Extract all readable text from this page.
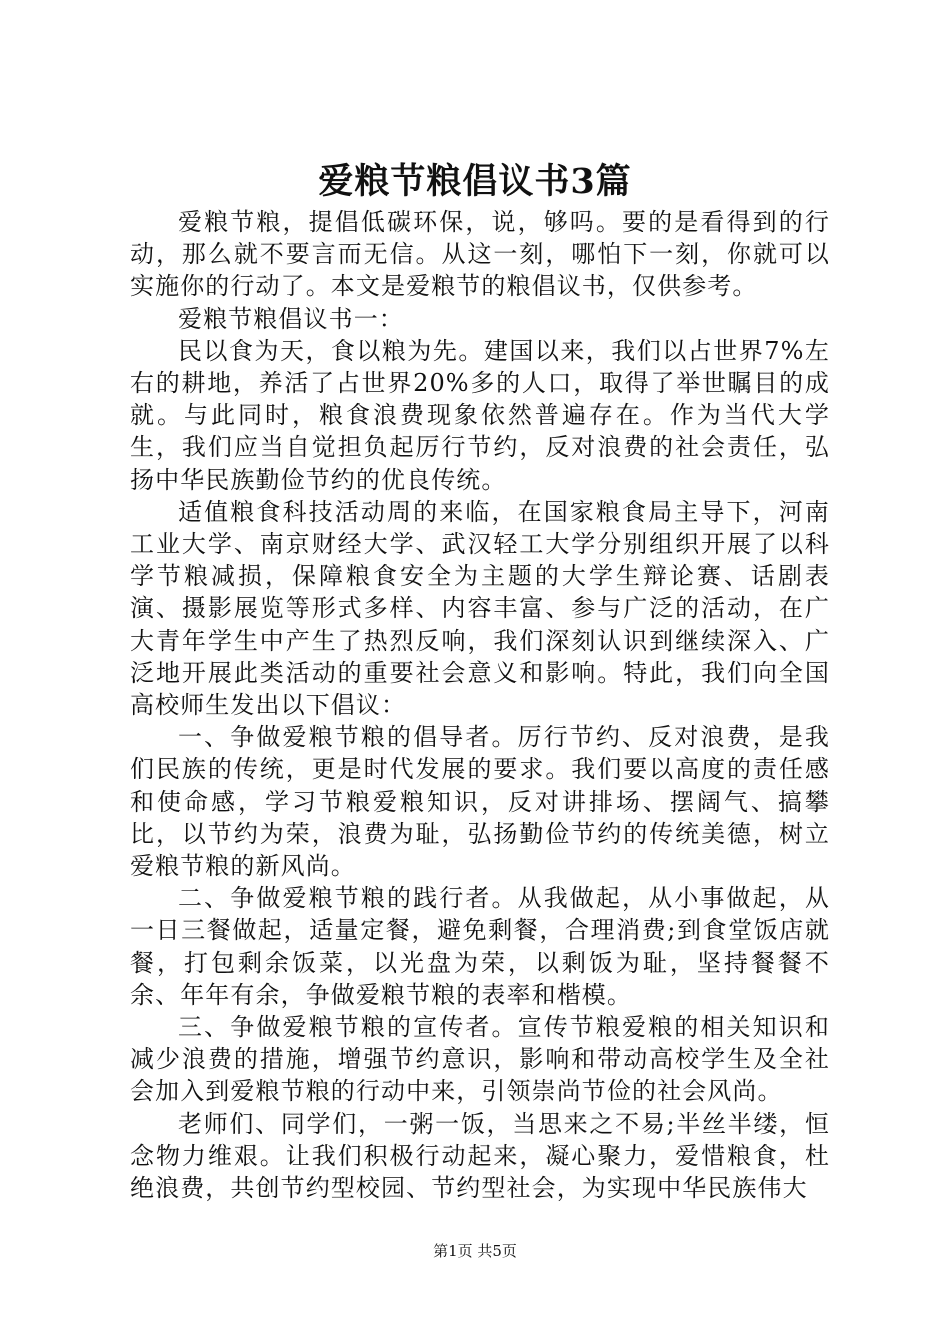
爱粮节粮倡议书3篇

爱粮节粮，提倡低碳环保，说，够吗。要的是看得到的行动，那么就不要言而无信。从这一刻，哪怕下一刻，你就可以实施你的行动了。本文是爱粮节的粮倡议书，仅供参考。

爱粮节粮倡议书一：

民以食为天，食以粮为先。建国以来，我们以占世界7%左右的耕地，养活了占世界20%多的人口，取得了举世瞩目的成就。与此同时，粮食浪费现象依然普遍存在。作为当代大学生，我们应当自觉担负起厉行节约，反对浪费的社会责任，弘扬中华民族勤俭节约的优良传统。

适值粮食科技活动周的来临，在国家粮食局主导下，河南工业大学、南京财经大学、武汉轻工大学分别组织开展了以科学节粮减损，保障粮食安全为主题的大学生辩论赛、话剧表演、摄影展览等形式多样、内容丰富、参与广泛的活动，在广大青年学生中产生了热烈反响，我们深刻认识到继续深入、广泛地开展此类活动的重要社会意义和影响。特此，我们向全国高校师生发出以下倡议：

一、争做爱粮节粮的倡导者。厉行节约、反对浪费，是我们民族的传统，更是时代发展的要求。我们要以高度的责任感和使命感，学习节粮爱粮知识，反对讲排场、摆阔气、搞攀比，以节约为荣，浪费为耻，弘扬勤俭节约的传统美德，树立爱粮节粮的新风尚。

二、争做爱粮节粮的践行者。从我做起，从小事做起，从一日三餐做起，适量定餐，避免剩餐，合理消费;到食堂饭店就餐，打包剩余饭菜，以光盘为荣，以剩饭为耻，坚持餐餐不余、年年有余，争做爱粮节粮的表率和楷模。

三、争做爱粮节粮的宣传者。宣传节粮爱粮的相关知识和减少浪费的措施，增强节约意识，影响和带动高校学生及全社会加入到爱粮节粮的行动中来，引领崇尚节俭的社会风尚。

老师们、同学们，一粥一饭，当思来之不易;半丝半缕，恒念物力维艰。让我们积极行动起来，凝心聚力，爱惜粮食，杜绝浪费，共创节约型校园、节约型社会，为实现中华民族伟大

第1页 共5页
